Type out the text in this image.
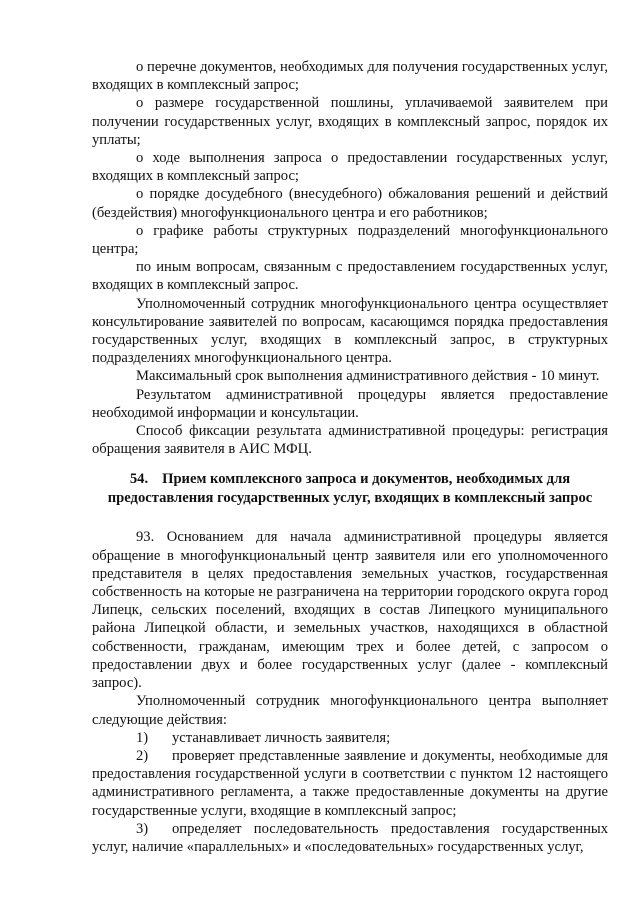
о перечне документов, необходимых для получения государственных услуг, входящих в комплексный запрос;

о размере государственной пошлины, уплачиваемой заявителем при получении государственных услуг, входящих в комплексный запрос, порядок их уплаты;

о ходе выполнения запроса о предоставлении государственных услуг, входящих в комплексный запрос;

о порядке досудебного (внесудебного) обжалования решений и действий (бездействия) многофункционального центра и его работников;

о графике работы структурных подразделений многофункционального центра;

по иным вопросам, связанным с предоставлением государственных услуг, входящих в комплексный запрос.

Уполномоченный сотрудник многофункционального центра осуществляет консультирование заявителей по вопросам, касающимся порядка предоставления государственных услуг, входящих в комплексный запрос, в структурных подразделениях многофункционального центра.

Максимальный срок выполнения административного действия - 10 минут.

Результатом административной процедуры является предоставление необходимой информации и консультации.

Способ фиксации результата административной процедуры: регистрация обращения заявителя в АИС МФЦ.

54. Прием комплексного запроса и документов, необходимых для предоставления государственных услуг, входящих в комплексный запрос

93. Основанием для начала административной процедуры является обращение в многофункциональный центр заявителя или его уполномоченного представителя в целях предоставления земельных участков, государственная собственность на которые не разграничена на территории городского округа город Липецк, сельских поселений, входящих в состав Липецкого муниципального района Липецкой области, и земельных участков, находящихся в областной собственности, гражданам, имеющим трех и более детей, с запросом о предоставлении двух и более государственных услуг (далее - комплексный запрос).

Уполномоченный сотрудник многофункционального центра выполняет следующие действия:

1) устанавливает личность заявителя;

2) проверяет представленные заявление и документы, необходимые для предоставления государственной услуги в соответствии с пунктом 12 настоящего административного регламента, а также предоставленные документы на другие государственные услуги, входящие в комплексный запрос;

3) определяет последовательность предоставления государственных услуг, наличие «параллельных» и «последовательных» государственных услуг,
